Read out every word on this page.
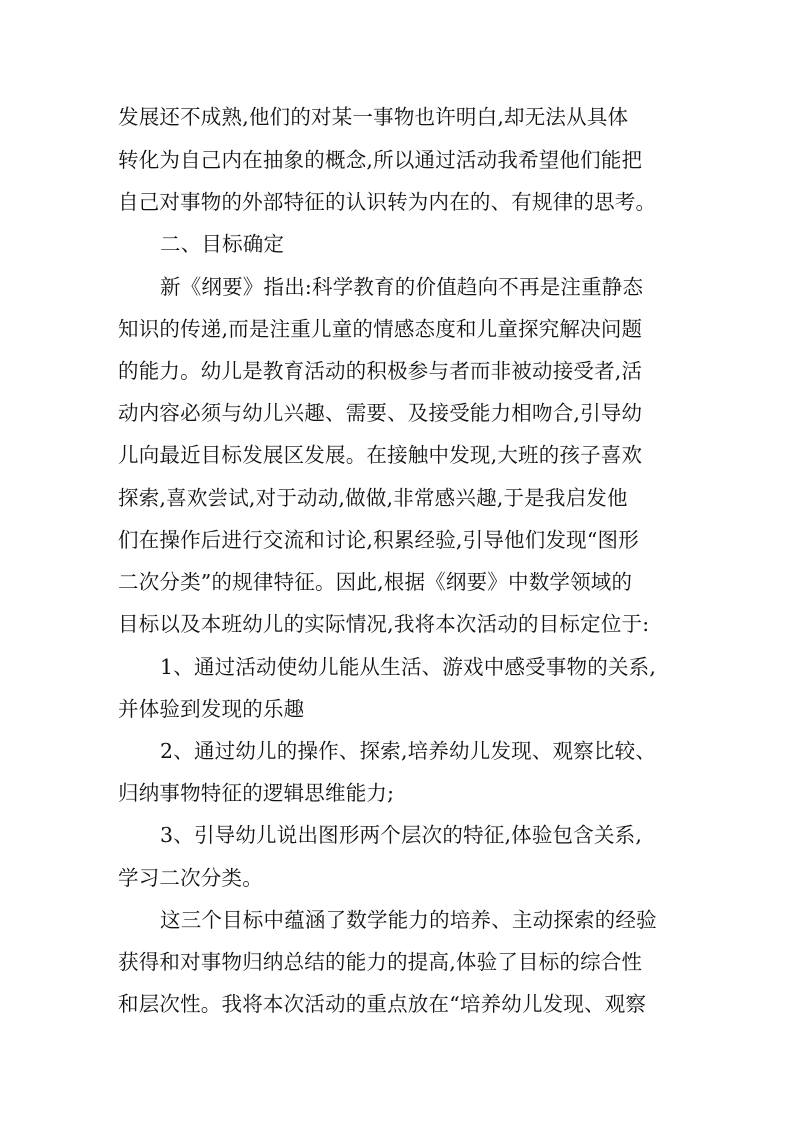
发展还不成熟,他们的对某一事物也许明白,却无法从具体
转化为自己内在抽象的概念,所以通过活动我希望他们能把
自己对事物的外部特征的认识转为内在的、有规律的思考。
二、目标确定
新《纲要》指出:科学教育的价值趋向不再是注重静态
知识的传递,而是注重儿童的情感态度和儿童探究解决问题
的能力。幼儿是教育活动的积极参与者而非被动接受者,活
动内容必须与幼儿兴趣、需要、及接受能力相吻合,引导幼
儿向最近目标发展区发展。在接触中发现,大班的孩子喜欢
探索,喜欢尝试,对于动动,做做,非常感兴趣,于是我启发他
们在操作后进行交流和讨论,积累经验,引导他们发现“图形
二次分类”的规律特征。因此,根据《纲要》中数学领域的
目标以及本班幼儿的实际情况,我将本次活动的目标定位于:
1、通过活动使幼儿能从生活、游戏中感受事物的关系,
并体验到发现的乐趣
2、通过幼儿的操作、探索,培养幼儿发现、观察比较、
归纳事物特征的逻辑思维能力;
3、引导幼儿说出图形两个层次的特征,体验包含关系,
学习二次分类。
这三个目标中蕴涵了数学能力的培养、主动探索的经验
获得和对事物归纳总结的能力的提高,体验了目标的综合性
和层次性。我将本次活动的重点放在“培养幼儿发现、观察
